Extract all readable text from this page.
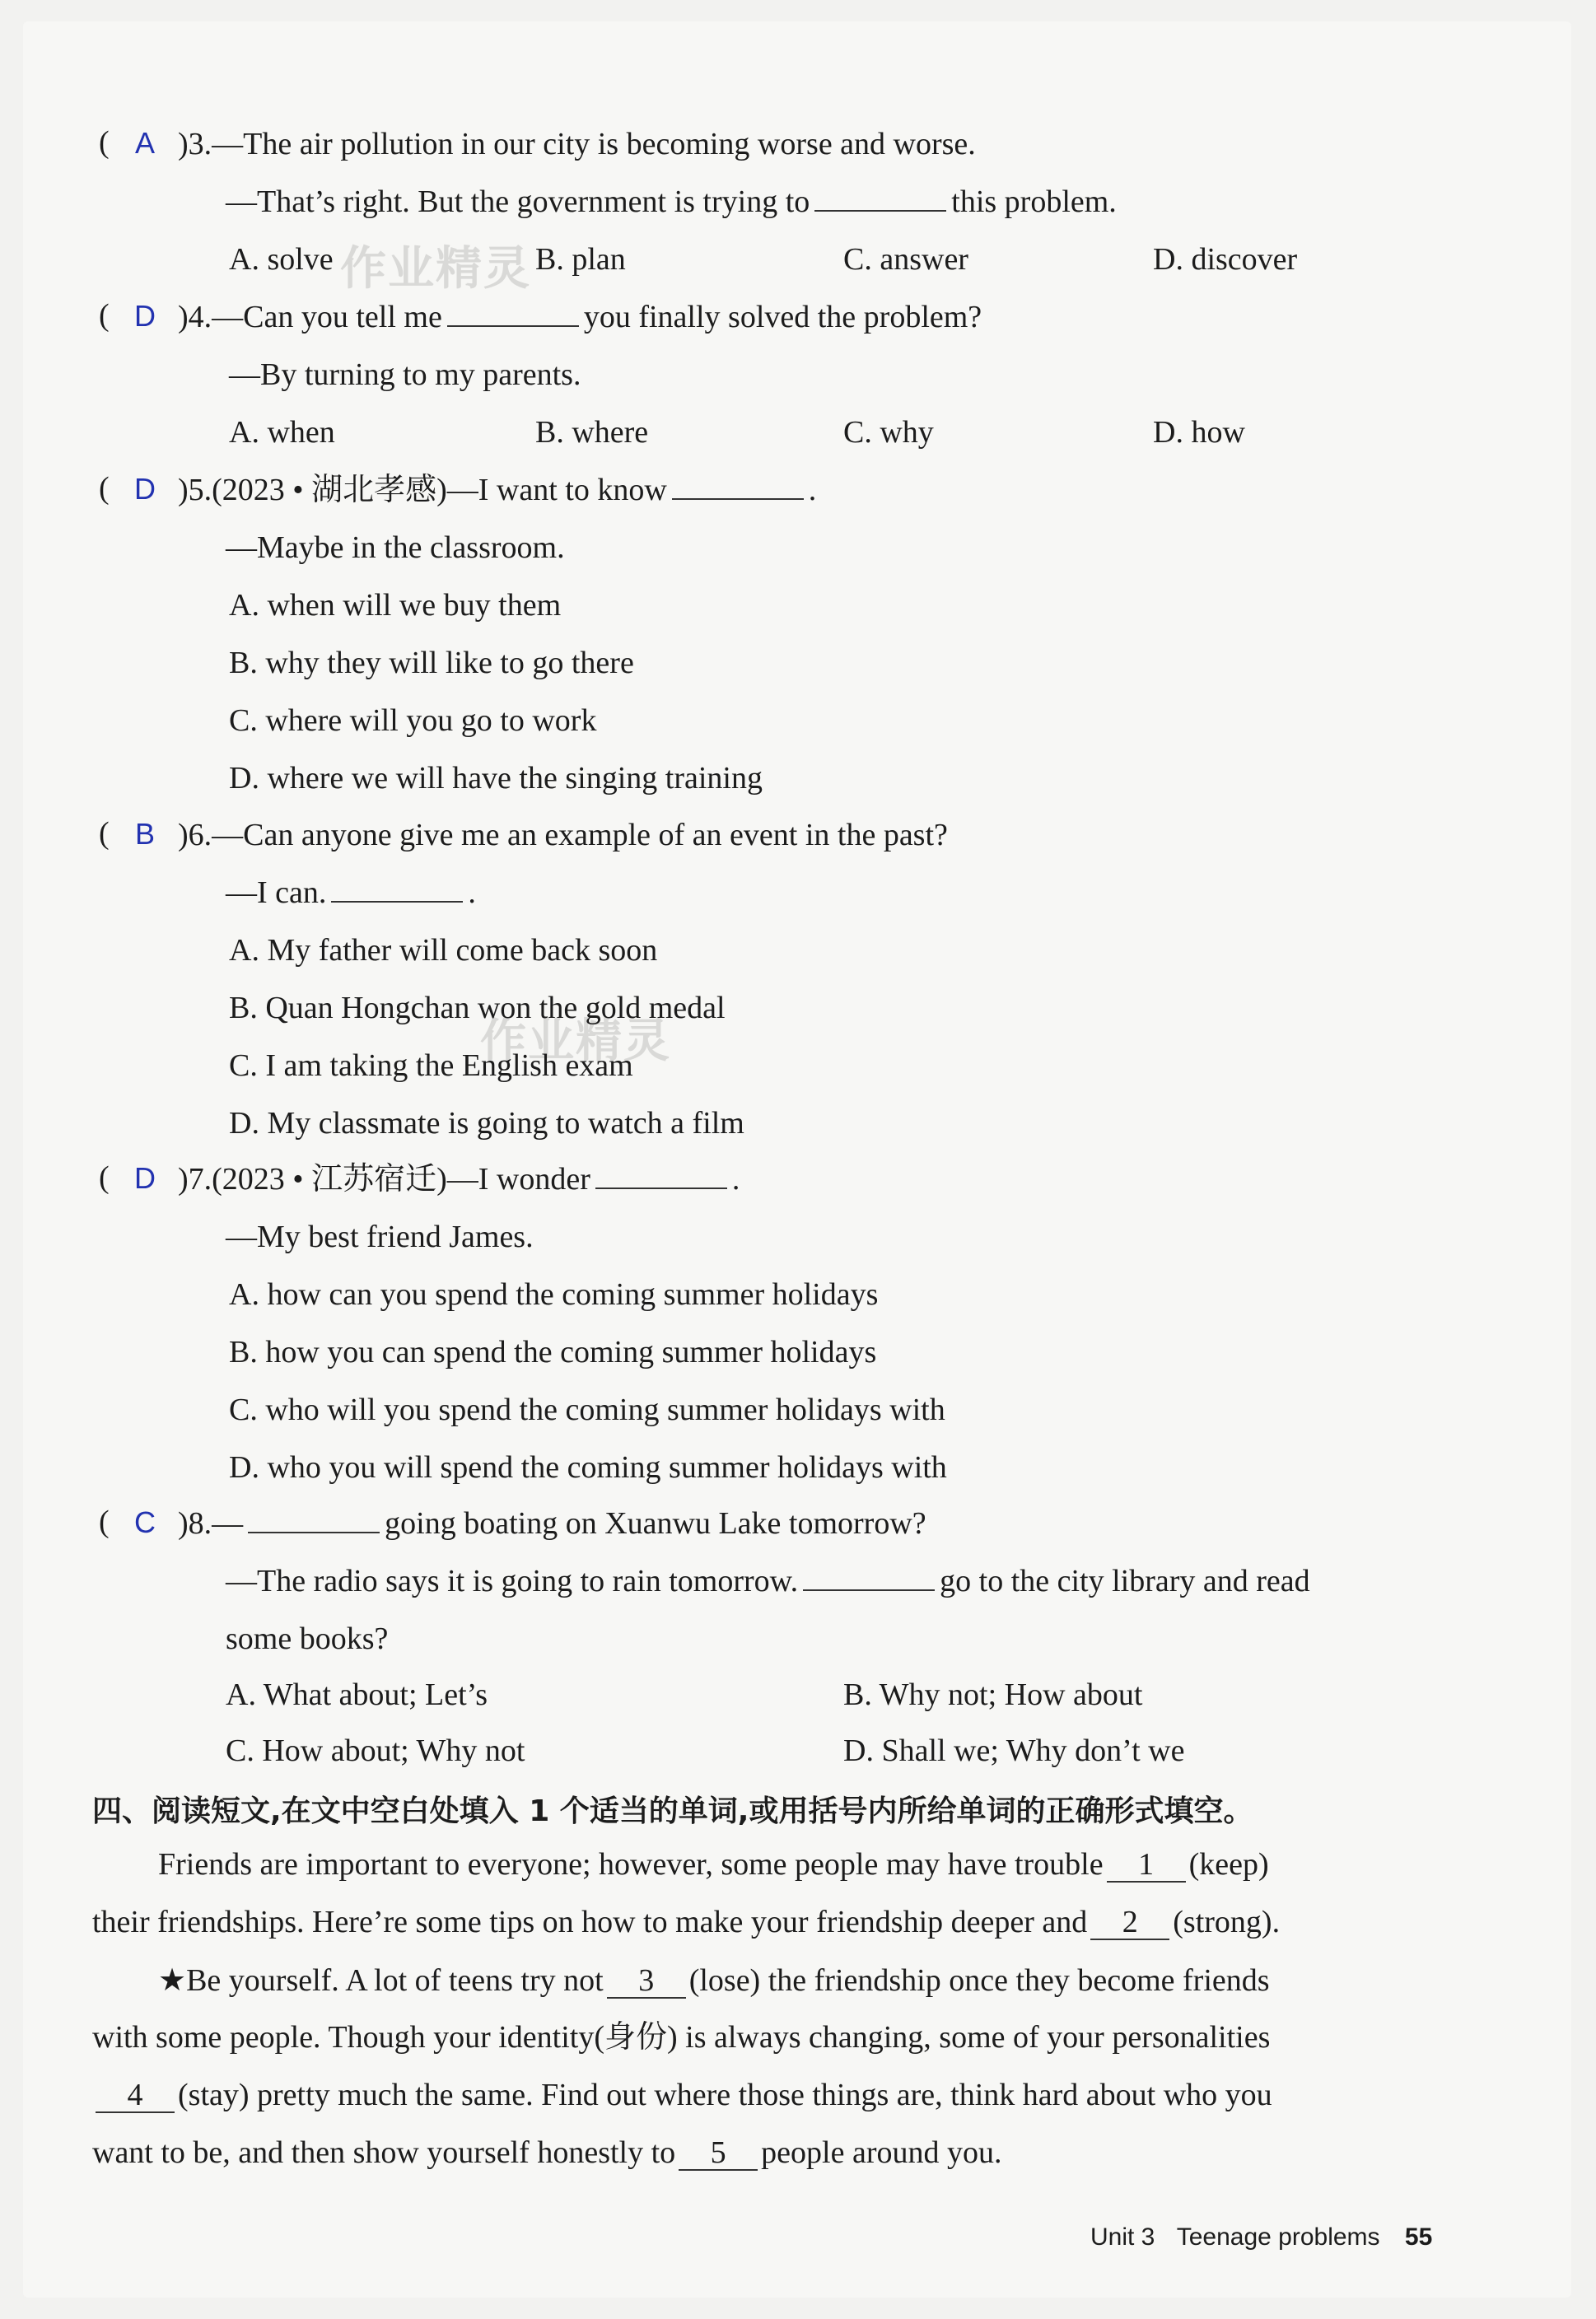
作业精灵
作业精灵
( A )3.—The air pollution in our city is becoming worse and worse.
—That’s right. But the government is trying to	this problem.
A. solve	B. plan	C. answer	D. discover
( D )4.—Can you tell me	you finally solved the problem?
—By turning to my parents.
A. when	B. where	C. why	D. how
( D )5.(2023 • 湖北孝感)—I want to know	.
—Maybe in the classroom.
A. when will we buy them
B. why they will like to go there
C. where will you go to work
D. where we will have the singing training
( B )6.—Can anyone give me an example of an event in the past?
—I can.	.
A. My father will come back soon
B. Quan Hongchan won the gold medal
C. I am taking the English exam
D. My classmate is going to watch a film
( D )7.(2023 • 江苏宿迁)—I wonder	.
—My best friend James.
A. how can you spend the coming summer holidays
B. how you can spend the coming summer holidays
C. who will you spend the coming summer holidays with
D. who you will spend the coming summer holidays with
( C )8.—	going boating on Xuanwu Lake tomorrow?
—The radio says it is going to rain tomorrow.	go to the city library and read
some books?
A. What about; Let’s	B. Why not; How about
C. How about; Why not	D. Shall we; Why don’t we
四、阅读短文,在文中空白处填入 1 个适当的单词,或用括号内所给单词的正确形式填空。
Friends are important to everyone; however, some people may have trouble 1 (keep)
their friendships. Here’re some tips on how to make your friendship deeper and 2 (strong).
★Be yourself. A lot of teens try not 3 (lose) the friendship once they become friends
with some people. Though your identity(身份) is always changing, some of your personalities
4 (stay) pretty much the same. Find out where those things are, think hard about who you
want to be, and then show yourself honestly to 5 people around you.
Unit 3 Teenage problems 55
